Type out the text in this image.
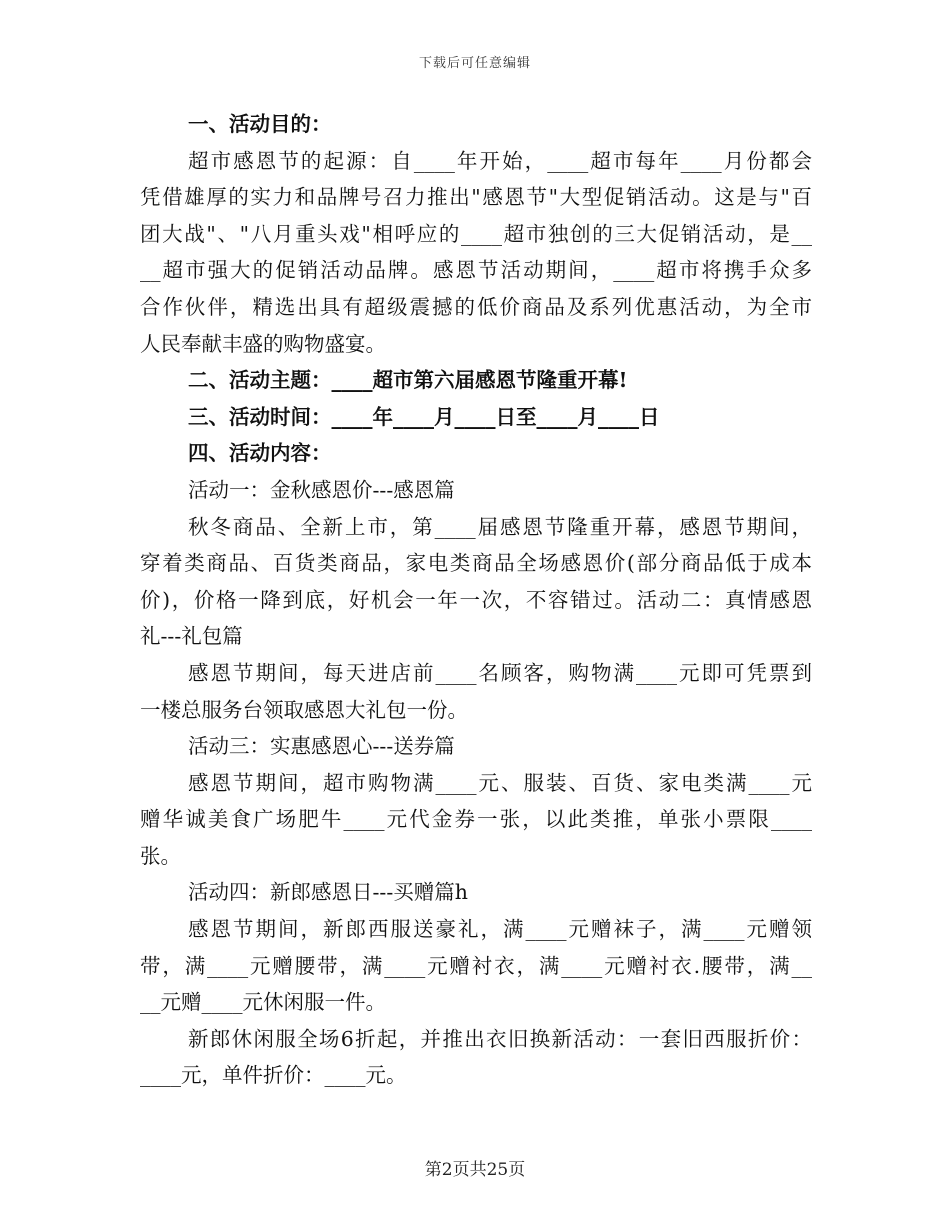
下载后可任意编辑
一、活动目的：
超市感恩节的起源：自____年开始，____超市每年____月份都会
凭借雄厚的实力和品牌号召力推出"感恩节"大型促销活动。这是与"百
团大战"、"八月重头戏"相呼应的____超市独创的三大促销活动，是__
__超市强大的促销活动品牌。感恩节活动期间，____超市将携手众多
合作伙伴，精选出具有超级震撼的低价商品及系列优惠活动，为全市
人民奉献丰盛的购物盛宴。
二、活动主题：____超市第六届感恩节隆重开幕!
三、活动时间：____年____月____日至____月____日
四、活动内容：
活动一：金秋感恩价---感恩篇
秋冬商品、全新上市，第____届感恩节隆重开幕，感恩节期间，
穿着类商品、百货类商品，家电类商品全场感恩价(部分商品低于成本
价)，价格一降到底，好机会一年一次，不容错过。活动二：真情感恩
礼---礼包篇
感恩节期间，每天进店前____名顾客，购物满____元即可凭票到
一楼总服务台领取感恩大礼包一份。
活动三：实惠感恩心---送券篇
感恩节期间，超市购物满____元、服装、百货、家电类满____元
赠华诚美食广场肥牛____元代金券一张，以此类推，单张小票限____
张。
活动四：新郎感恩日---买赠篇h
感恩节期间，新郎西服送豪礼，满____元赠袜子，满____元赠领
带，满____元赠腰带，满____元赠衬衣，满____元赠衬衣.腰带，满__
__元赠____元休闲服一件。
新郎休闲服全场6折起，并推出衣旧换新活动：一套旧西服折价：
____元，单件折价：____元。
第2页共25页
